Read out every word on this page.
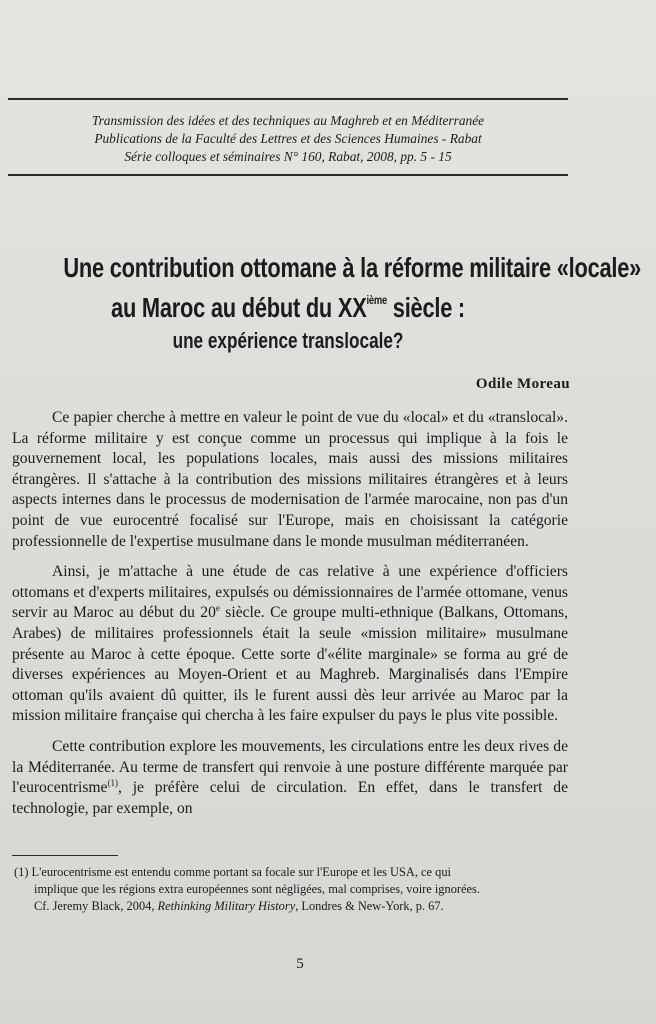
Transmission des idées et des techniques au Maghreb et en Méditerranée
Publications de la Faculté des Lettres et des Sciences Humaines - Rabat
Série colloques et séminaires N° 160, Rabat, 2008, pp. 5 - 15
Une contribution ottomane à la réforme militaire «locale»
au Maroc au début du XXième siècle :
une expérience translocale?
Odile Moreau

Ce papier cherche à mettre en valeur le point de vue du «local» et du «translocal». La réforme militaire y est conçue comme un processus qui implique à la fois le gouvernement local, les populations locales, mais aussi des missions militaires étrangères. Il s'attache à la contribution des missions militaires étrangères et à leurs aspects internes dans le processus de modernisation de l'armée marocaine, non pas d'un point de vue eurocentré focalisé sur l'Europe, mais en choisissant la catégorie professionnelle de l'expertise musulmane dans le monde musulman méditerranéen.

Ainsi, je m'attache à une étude de cas relative à une expérience d'officiers ottomans et d'experts militaires, expulsés ou démissionnaires de l'armée ottomane, venus servir au Maroc au début du 20e siècle. Ce groupe multi-ethnique (Balkans, Ottomans, Arabes) de militaires professionnels était la seule «mission militaire» musulmane présente au Maroc à cette époque. Cette sorte d'«élite marginale» se forma au gré de diverses expériences au Moyen-Orient et au Maghreb. Marginalisés dans l'Empire ottoman qu'ils avaient dû quitter, ils le furent aussi dès leur arrivée au Maroc par la mission militaire française qui chercha à les faire expulser du pays le plus vite possible.

Cette contribution explore les mouvements, les circulations entre les deux rives de la Méditerranée. Au terme de transfert qui renvoie à une posture différente marquée par l'eurocentrisme$^{(1)}$, je préfère celui de circulation. En effet, dans le transfert de technologie, par exemple, on

(1) L'eurocentrisme est entendu comme portant sa focale sur l'Europe et les USA, ce qui
implique que les régions extra européennes sont négligées, mal comprises, voire ignorées.
Cf. Jeremy Black, 2004, Rethinking Military History, Londres & New-York, p. 67.
5
